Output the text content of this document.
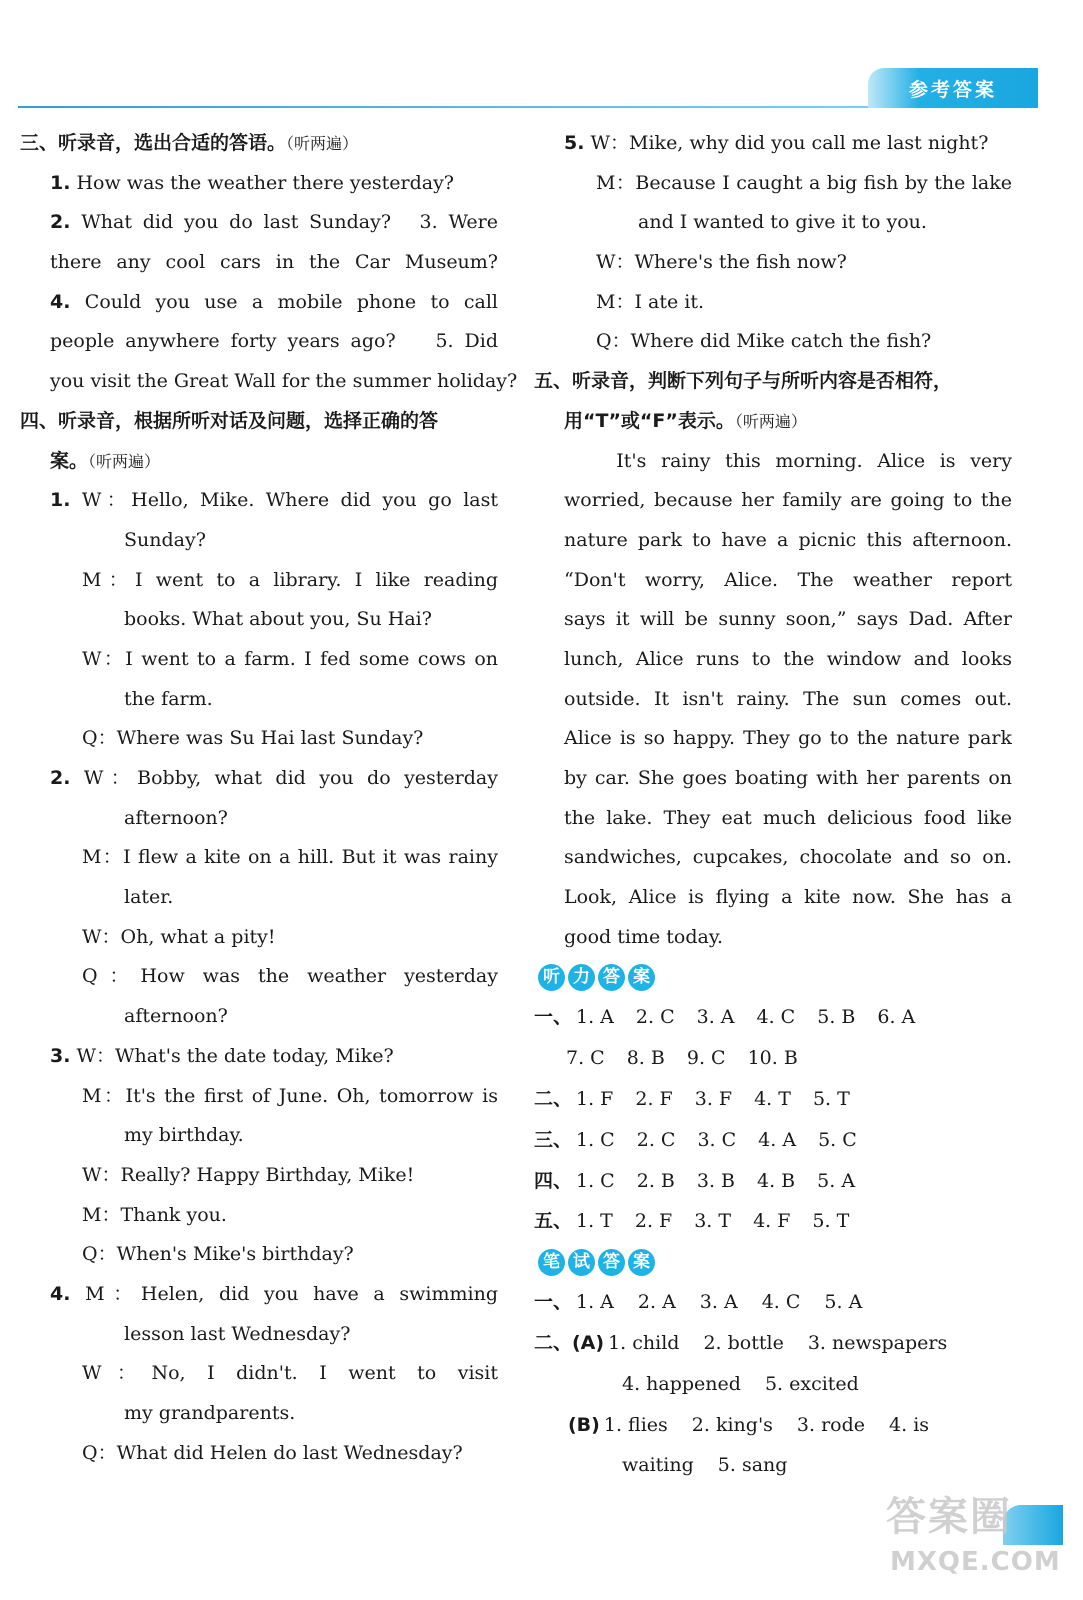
参考答案
三、听录音，选出合适的答语。（听两遍）
1. How was the weather there yesterday?
2. What did you do last Sunday?　3. Were
there any cool cars in the Car Museum?
4. Could you use a mobile phone to call
people anywhere forty years ago?　 5. Did
you visit the Great Wall for the summer holiday?
四、听录音，根据所听对话及问题，选择正确的答
案。（听两遍）
1. W：Hello, Mike. Where did you go last
Sunday?
M：I went to a library. I like reading
books. What about you, Su Hai?
W：I went to a farm. I fed some cows on
the farm.
Q：Where was Su Hai last Sunday?
2. W：Bobby, what did you do yesterday
afternoon?
M：I flew a kite on a hill. But it was rainy
later.
W：Oh, what a pity!
Q：How was the weather yesterday
afternoon?
3. W：What's the date today, Mike?
M：It's the first of June. Oh, tomorrow is
my birthday.
W：Really? Happy Birthday, Mike!
M：Thank you.
Q：When's Mike's birthday?
4. M：Helen, did you have a swimming
lesson last Wednesday?
W：No, I didn't. I went to visit
my grandparents.
Q：What did Helen do last Wednesday?
5. W：Mike, why did you call me last night?
M：Because I caught a big fish by the lake
and I wanted to give it to you.
W：Where's the fish now?
M：I ate it.
Q：Where did Mike catch the fish?
五、听录音，判断下列句子与所听内容是否相符，
用“T”或“F”表示。（听两遍）
　 It's rainy this morning. Alice is very
worried, because her family are going to the
nature park to have a picnic this afternoon.
“Don't worry, Alice. The weather report
says it will be sunny soon,” says Dad. After
lunch, Alice runs to the window and looks
outside. It isn't rainy. The sun comes out.
Alice is so happy. They go to the nature park
by car. She goes boating with her parents on
the lake. They eat much delicious food like
sandwiches, cupcakes, chocolate and so on.
Look, Alice is flying a kite now. She has a
good time today.
听 力 答 案
一、 1. A 2. C 3. A 4. C 5. B 6. A
7. C 8. B 9. C 10. B
二、 1. F 2. F 3. F 4. T 5. T
三、 1. C 2. C 3. C 4. A 5. C
四、 1. C 2. B 3. B 4. B 5. A
五、 1. T 2. F 3. T 4. F 5. T
笔 试 答 案
一、 1. A 2. A 3. A 4. C 5. A
二、(A) 1. child 2. bottle 3. newspapers
4. happened 5. excited
(B) 1. flies 2. king's 3. rode 4. is
waiting 5. sang
答案圈
MXQE.COM
